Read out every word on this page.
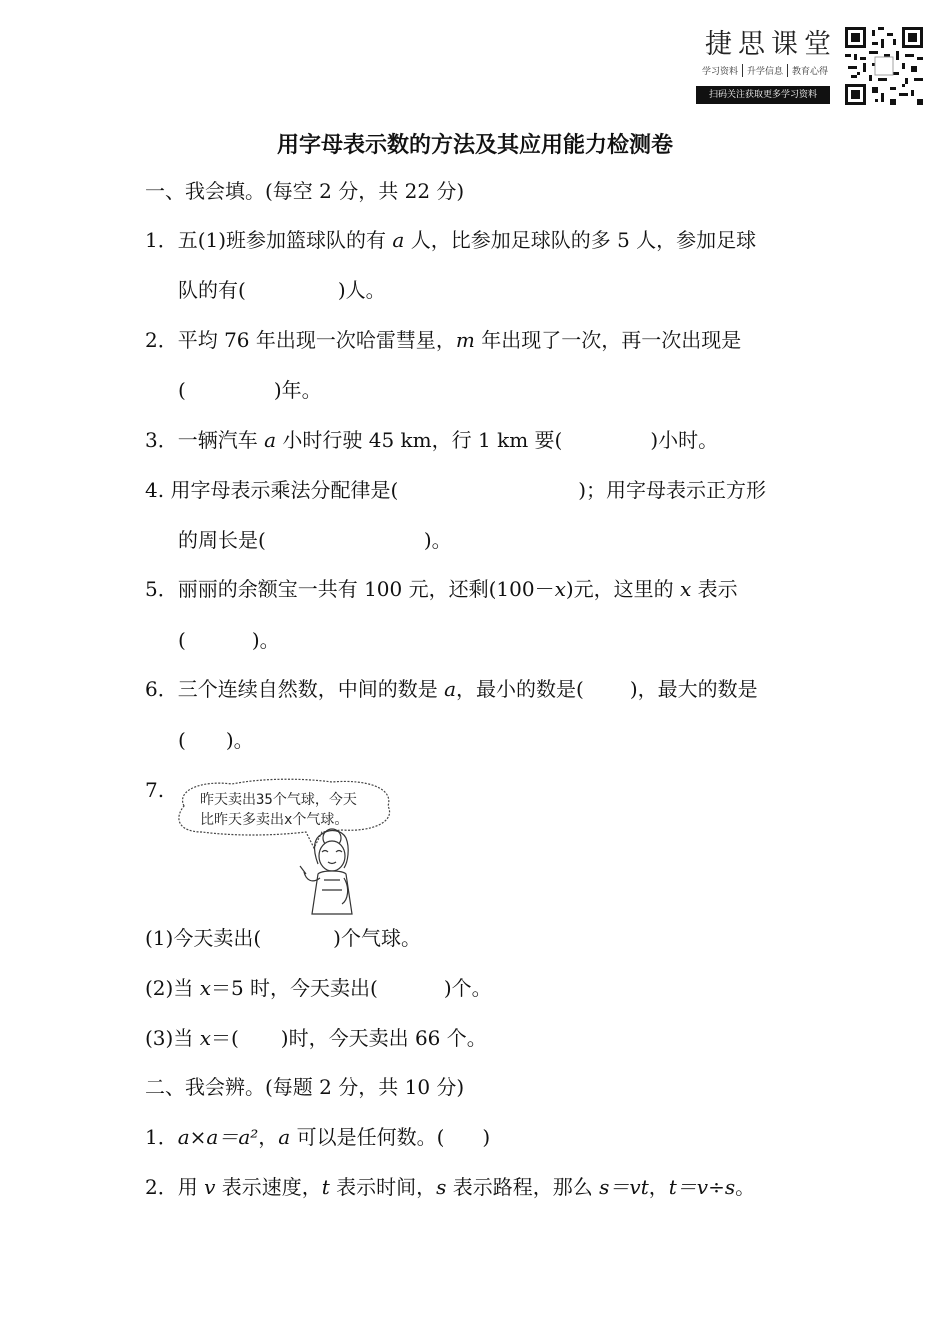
捷思课堂
学习资料	升学信息	教育心得
扫码关注获取更多学习资料
用字母表示数的方法及其应用能力检测卷
一、我会填。(每空 2 分，共 22 分)
1．五(1)班参加篮球队的有 a 人，比参加足球队的多 5 人，参加足球
队的有(	)人。
2．平均 76 年出现一次哈雷彗星，m 年出现了一次，再一次出现是
(	)年。
3．一辆汽车 a 小时行驶 45 km，行 1 km 要(	)小时。
4. 用字母表示乘法分配律是(	)；用字母表示正方形
的周长是(	)。
5．丽丽的余额宝一共有 100 元，还剩(100－x)元，这里的 x 表示
(	)。
6．三个连续自然数，中间的数是 a，最小的数是( )，最大的数是
( )。
7.	昨天卖出35个气球，今天
比昨天多卖出x个气球。
(1)今天卖出(	)个气球。
(2)当 x＝5 时，今天卖出(	)个。
(3)当 x＝( )时，今天卖出 66 个。
二、我会辨。(每题 2 分，共 10 分)
1．a×a＝a²，a 可以是任何数。( )
2．用 v 表示速度，t 表示时间，s 表示路程，那么 s＝vt，t＝v÷s。
